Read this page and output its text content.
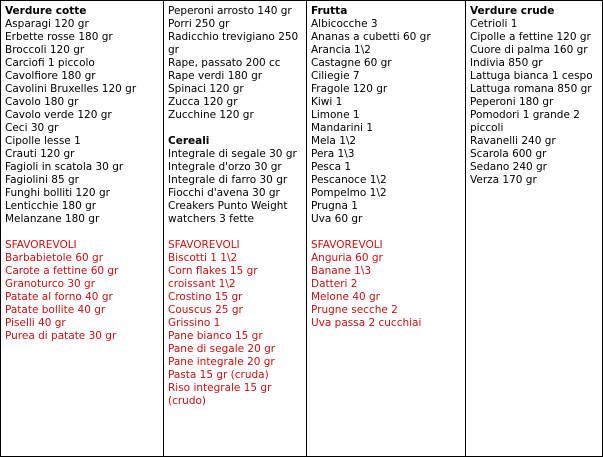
Verdure cotte
Asparagi 120 gr
Erbette rosse 180 gr
Broccoli 120 gr
Carciofi 1 piccolo
Cavolfiore 180 gr
Cavolini Bruxelles 120 gr
Cavolo 180 gr
Cavolo verde 120 gr
Ceci 30 gr
Cipolle lesse 1
Crauti 120 gr
Fagioli in scatola 30 gr
Fagiolini 85 gr
Funghi bolliti 120 gr
Lenticchie 180 gr
Melanzane 180 gr
SFAVOREVOLI
Barbabietole 60 gr
Carote a fettine 60 gr
Granoturco 30 gr
Patate al forno 40 gr
Patate bollite 40 gr
Piselli 40 gr
Purea di patate 30 gr
Peperoni arrosto 140 gr
Porri 250 gr
Radicchio trevigiano 250 gr
Rape, passato 200 cc
Rape verdi 180 gr
Spinaci 120 gr
Zucca 120 gr
Zucchine 120 gr
Cereali
Integrale di segale 30 gr
Integrale d'orzo 30 gr
Integrale di farro 30 gr
Fiocchi d'avena 30 gr
Creakers Punto Weight watchers 3 fette
SFAVOREVOLI
Biscotti 1 1\2
Corn flakes 15 gr croissant 1\2
Crostino 15 gr
Couscus 25 gr
Grissino 1
Pane bianco 15 gr
Pane di segale 20 gr
Pane integrale 20 gr
Pasta 15 gr (cruda)
Riso integrale 15 gr (crudo)
Frutta
Albicocche 3
Ananas a cubetti 60 gr
Arancia 1\2
Castagne 60 gr
Ciliegie 7
Fragole 120 gr
Kiwi 1
Limone 1
Mandarini 1
Mela 1\2
Pera 1\3
Pesca 1
Pescanoce 1\2
Pompelmo 1\2
Prugna 1
Uva 60 gr
SFAVOREVOLI
Anguria 60 gr
Banane 1\3
Datteri 2
Melone 40 gr
Prugne secche 2
Uva passa 2 cucchiai
Verdure crude
Cetrioli 1
Cipolle a fettine 120 gr
Cuore di palma 160 gr
Indivia 850 gr
Lattuga bianca 1 cespo
Lattuga romana 850 gr
Peperoni 180 gr
Pomodori 1 grande 2 piccoli
Ravanelli 240 gr
Scarola 600 gr
Sedano 240 gr
Verza 170 gr
